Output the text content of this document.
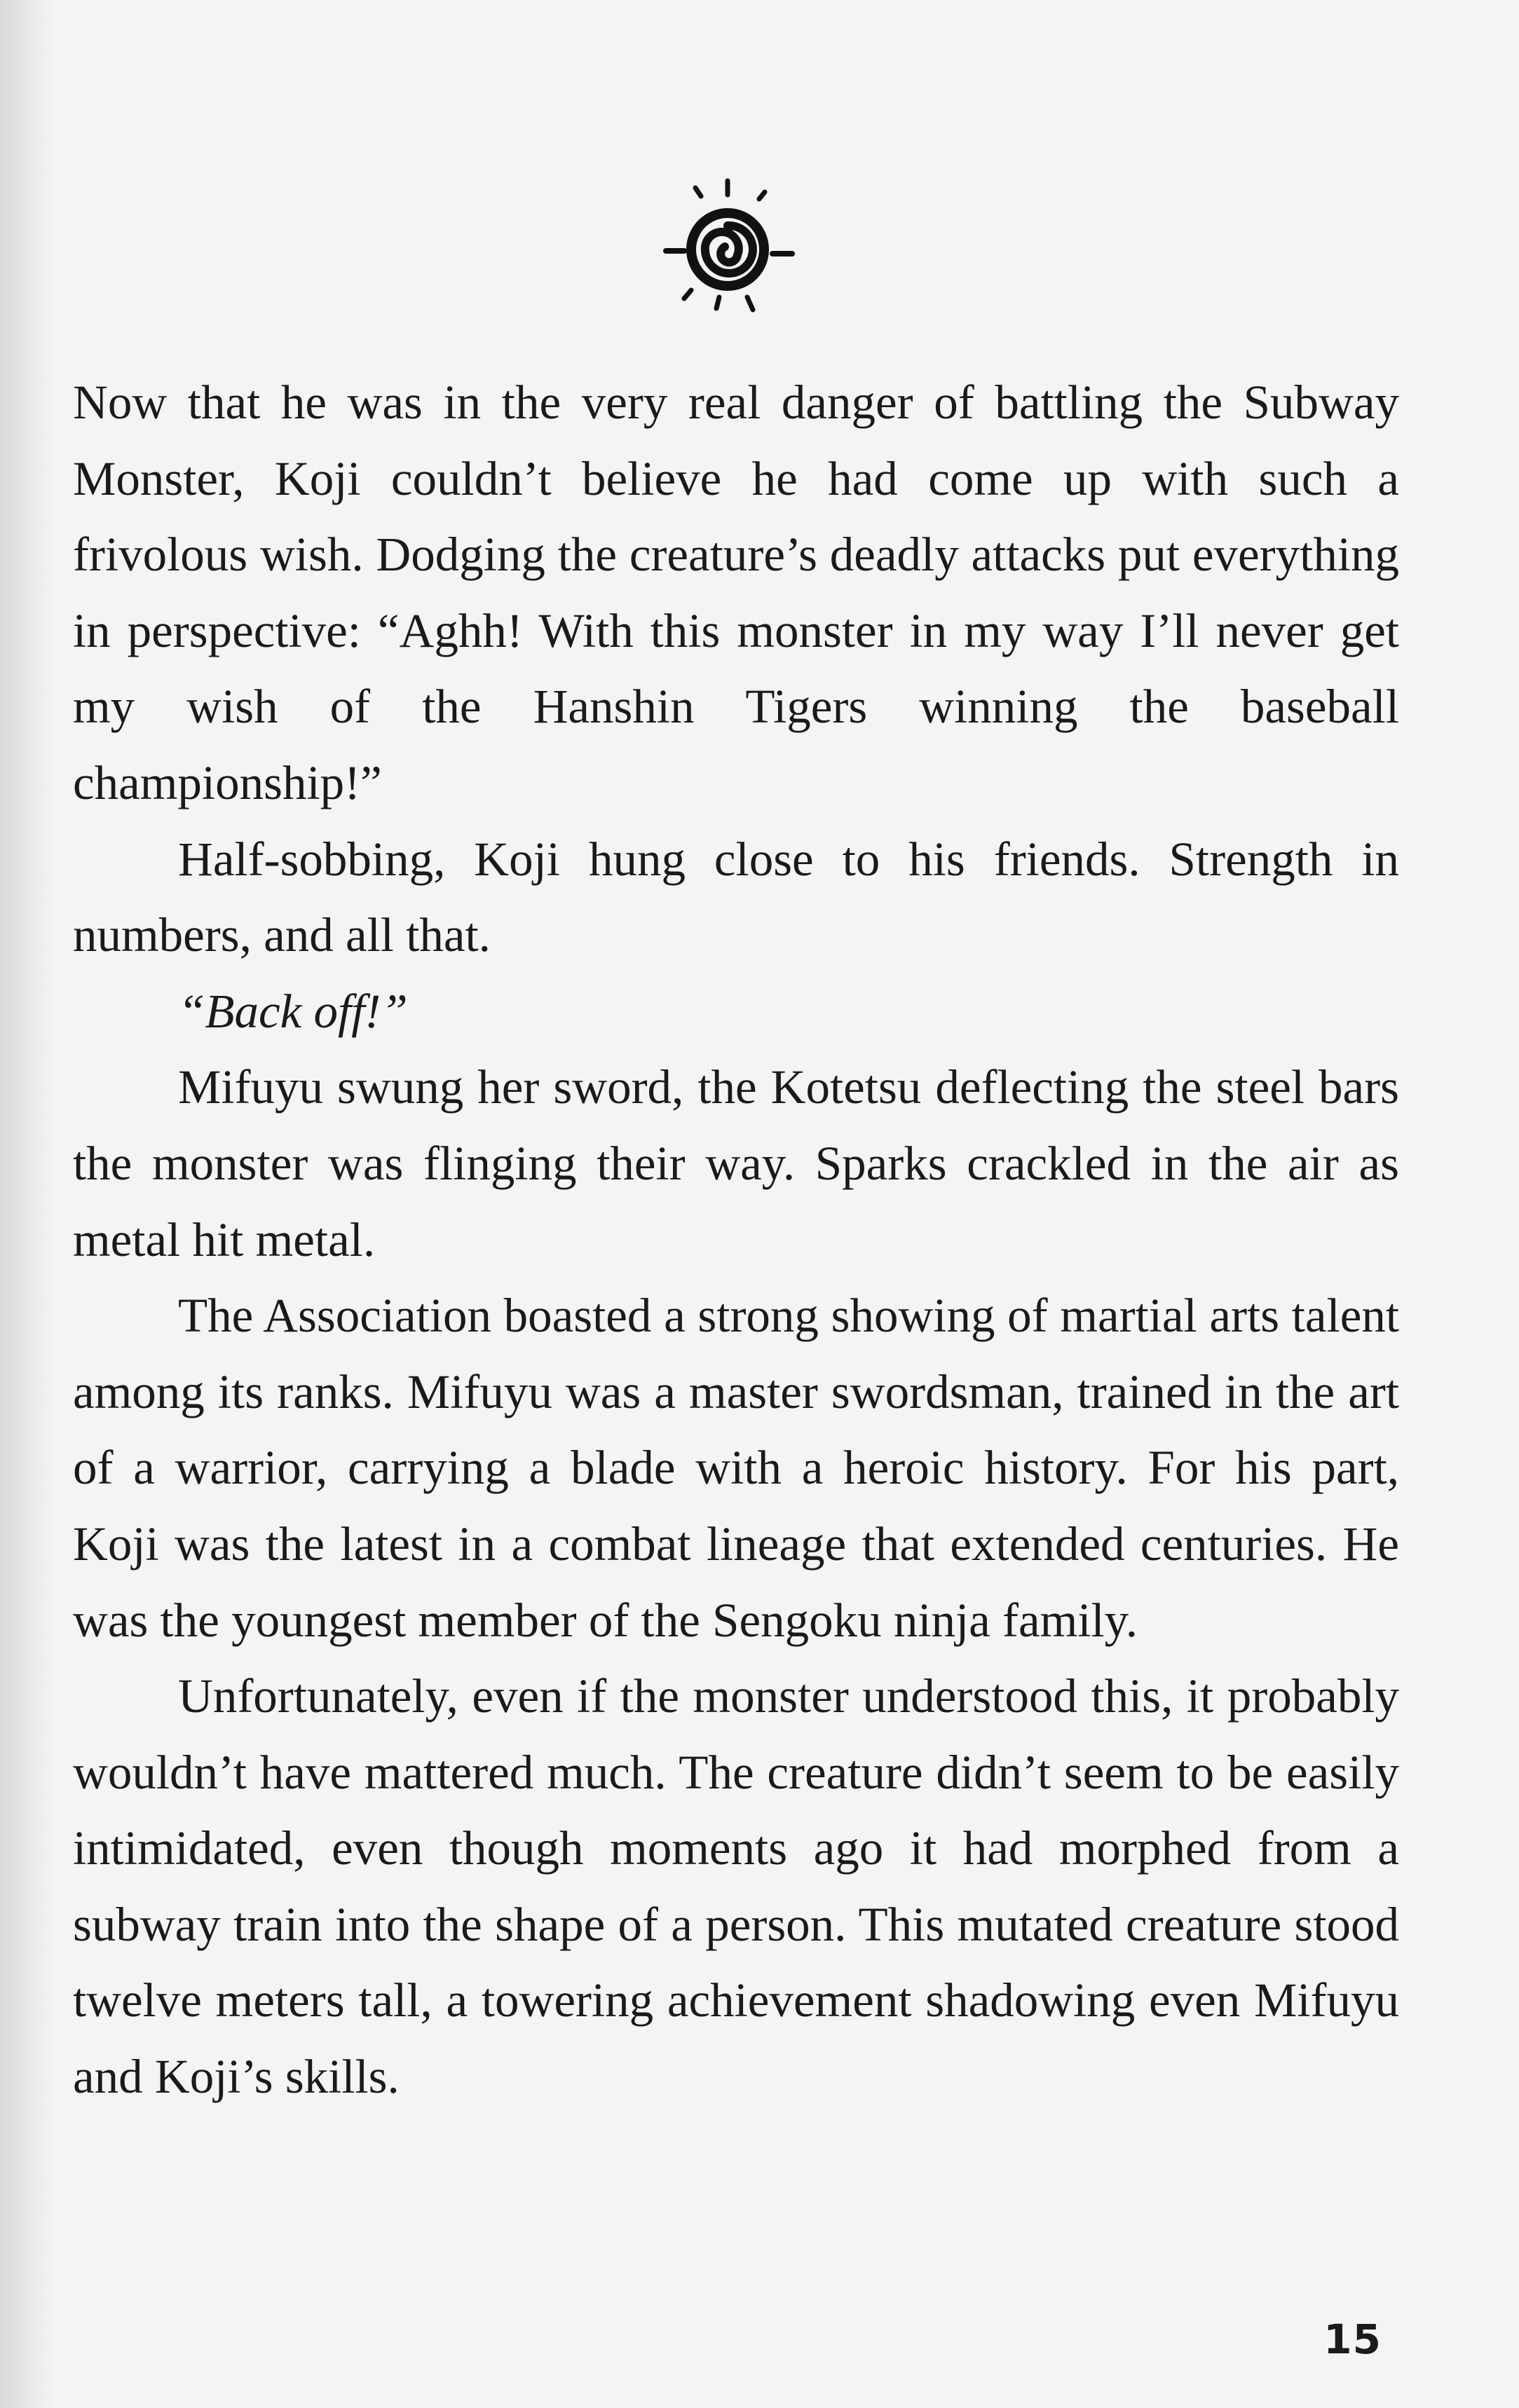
Now that he was in the very real danger of battling the Subway Monster, Koji couldn’t believe he had come up with such a frivolous wish. Dodging the creature’s deadly attacks put everything in perspective: “Aghh! With this monster in my way I’ll never get my wish of the Hanshin Tigers winning the baseball championship!”

Half-sobbing, Koji hung close to his friends. Strength in numbers, and all that.

“Back off!”

Mifuyu swung her sword, the Kotetsu deflecting the steel bars the monster was flinging their way. Sparks crackled in the air as metal hit metal.

The Association boasted a strong showing of martial arts talent among its ranks. Mifuyu was a master swordsman, trained in the art of a warrior, carrying a blade with a heroic history. For his part, Koji was the latest in a combat lineage that extended centuries. He was the youngest member of the Sengoku ninja family.

Unfortunately, even if the monster understood this, it probably wouldn’t have mattered much. The creature didn’t seem to be easily intimidated, even though moments ago it had morphed from a subway train into the shape of a person. This mutated creature stood twelve meters tall, a towering achievement shadowing even Mifuyu and Koji’s skills.

15
